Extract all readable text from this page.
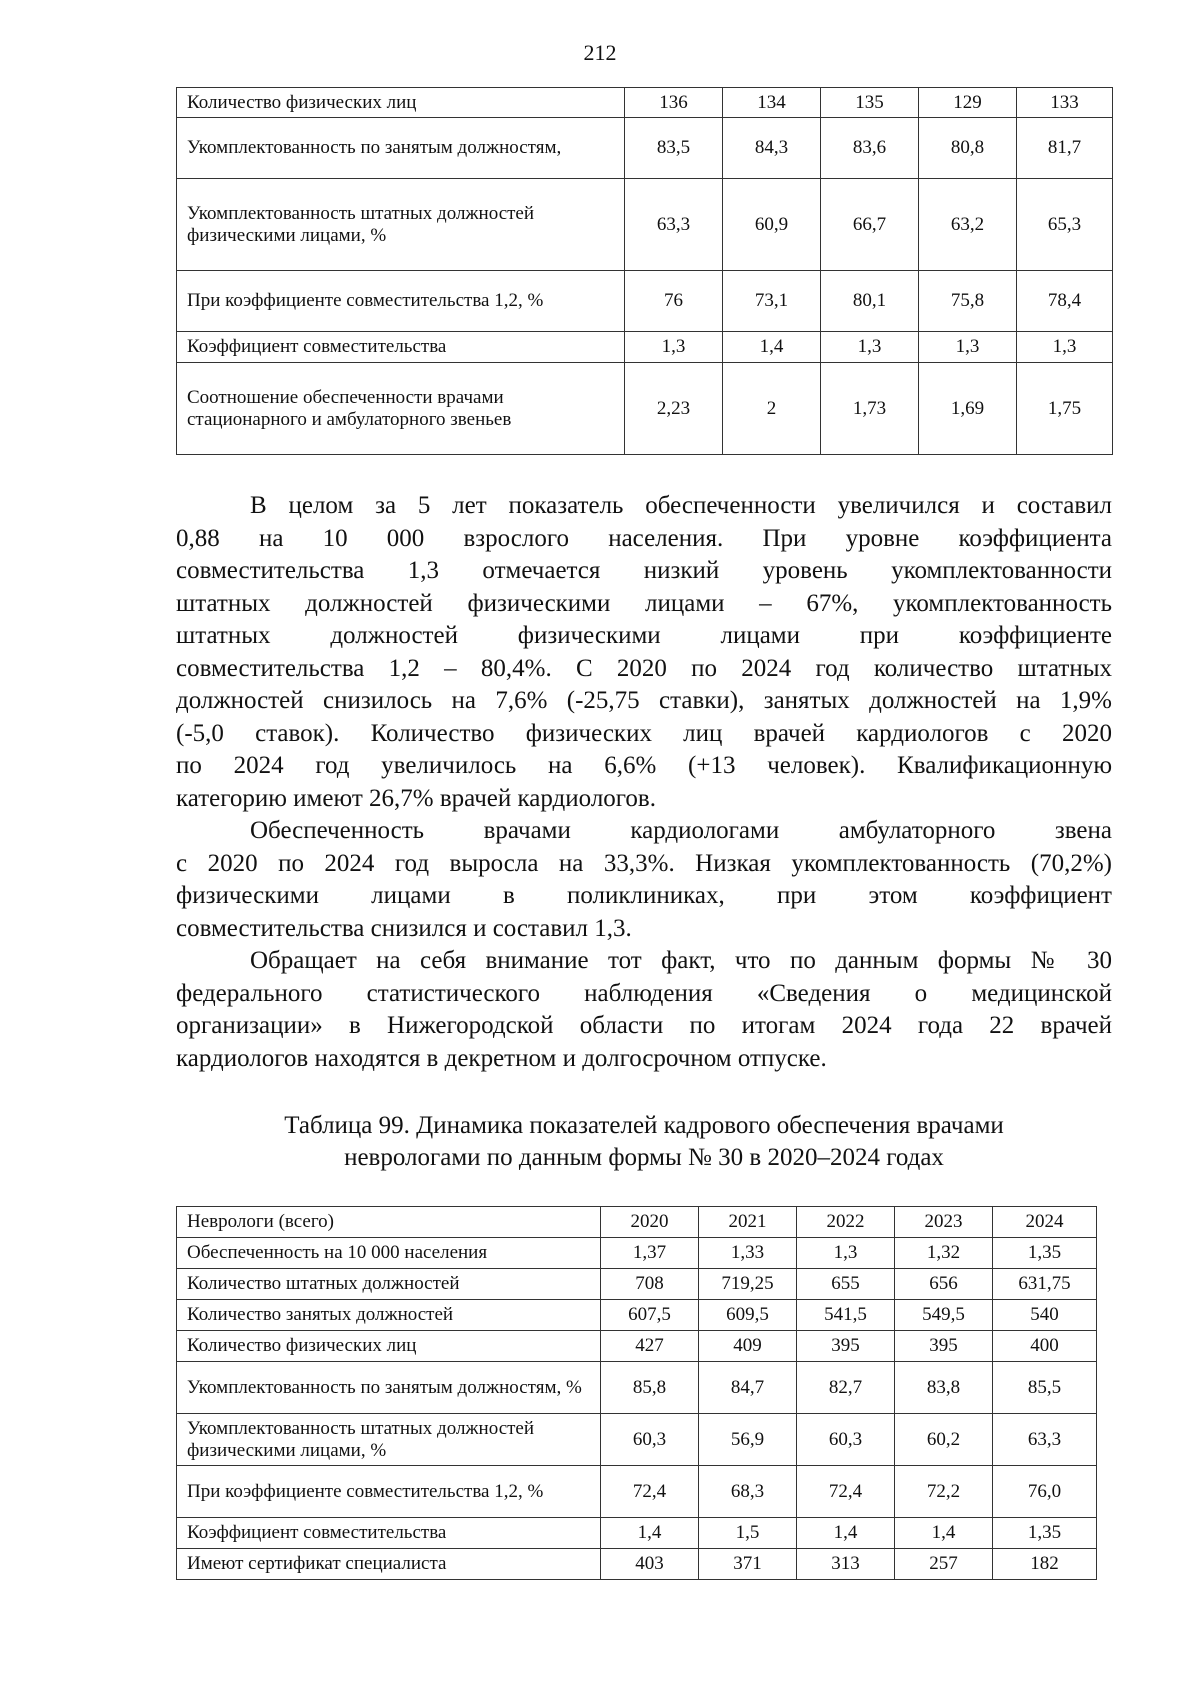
212
Количество физических лиц	136	134	135	129	133
Укомплектованность по занятым должностям,	83,5	84,3	83,6	80,8	81,7
Укомплектованность штатных должностей физическими лицами, %	63,3	60,9	66,7	63,2	65,3
При коэффициенте совместительства 1,2, %	76	73,1	80,1	75,8	78,4
Коэффициент совместительства	1,3	1,4	1,3	1,3	1,3
Соотношение обеспеченности врачами стационарного и амбулаторного звеньев	2,23	2	1,73	1,69	1,75
В целом за 5 лет показатель обеспеченности увеличился и составил
0,88 на 10 000 взрослого населения. При уровне коэффициента
совместительства 1,3 отмечается низкий уровень укомплектованности
штатных должностей физическими лицами – 67%, укомплектованность
штатных должностей физическими лицами при коэффициенте
совместительства 1,2 – 80,4%. С 2020 по 2024 год количество штатных
должностей снизилось на 7,6% (-25,75 ставки), занятых должностей на 1,9%
(-5,0 ставок). Количество физических лиц врачей кардиологов с 2020
по 2024 год увеличилось на 6,6% (+13 человек). Квалификационную
категорию имеют 26,7% врачей кардиологов.
Обеспеченность врачами кардиологами амбулаторного звена
с 2020 по 2024 год выросла на 33,3%. Низкая укомплектованность (70,2%)
физическими лицами в поликлиниках, при этом коэффициент
совместительства снизился и составил 1,3.
Обращает на себя внимание тот факт, что по данным формы № 30
федерального статистического наблюдения «Сведения о медицинской
организации» в Нижегородской области по итогам 2024 года 22 врачей
кардиологов находятся в декретном и долгосрочном отпуске.
Таблица 99. Динамика показателей кадрового обеспечения врачами
неврологами по данным формы № 30 в 2020–2024 годах
Неврологи (всего)	2020	2021	2022	2023	2024
Обеспеченность на 10 000 населения	1,37	1,33	1,3	1,32	1,35
Количество штатных должностей	708	719,25	655	656	631,75
Количество занятых должностей	607,5	609,5	541,5	549,5	540
Количество физических лиц	427	409	395	395	400
Укомплектованность по занятым должностям, %	85,8	84,7	82,7	83,8	85,5
Укомплектованность штатных должностей физическими лицами, %	60,3	56,9	60,3	60,2	63,3
При коэффициенте совместительства 1,2, %	72,4	68,3	72,4	72,2	76,0
Коэффициент совместительства	1,4	1,5	1,4	1,4	1,35
Имеют сертификат специалиста	403	371	313	257	182
